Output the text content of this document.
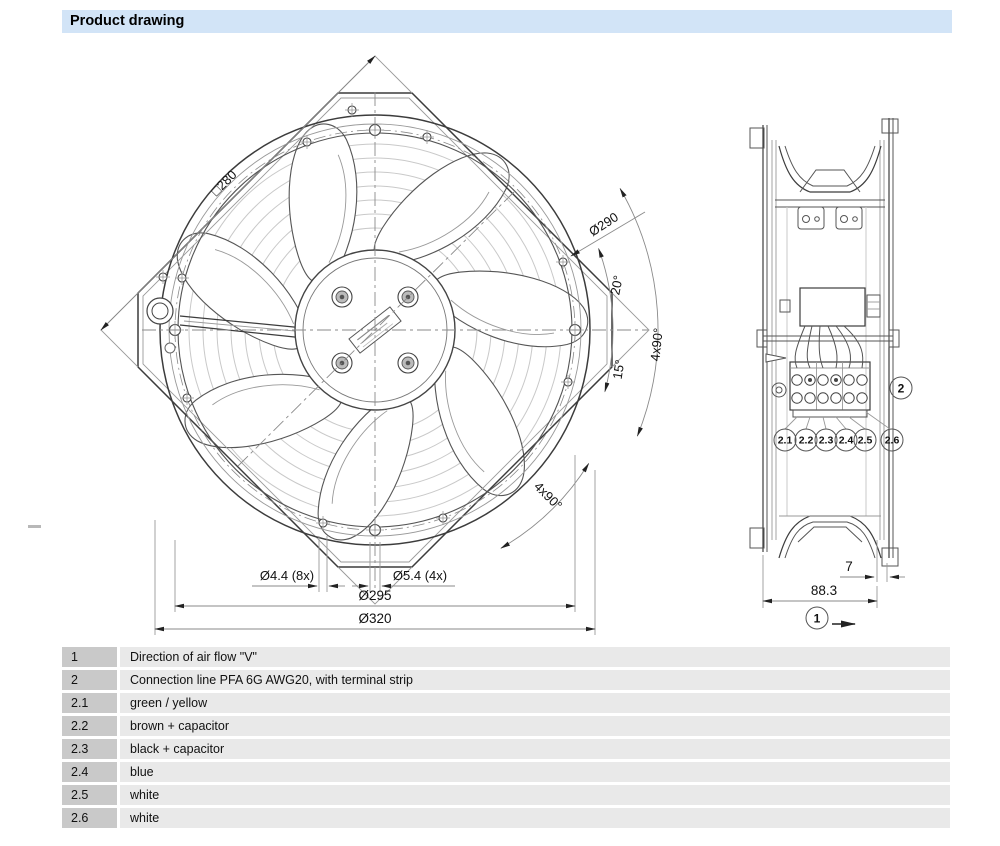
Product drawing
□280
Ø290
20°
15°
4x90°
4x90°
Ø4.4 (8x)	Ø5.4 (4x)
Ø295
Ø320
2.1 2.2 2.3 2.4 2.5 2.6
2
7
88.3
1
1	Direction of air flow "V"
2	Connection line PFA 6G AWG20, with terminal strip
2.1	green / yellow
2.2	brown + capacitor
2.3	black + capacitor
2.4	blue
2.5	white
2.6	white
